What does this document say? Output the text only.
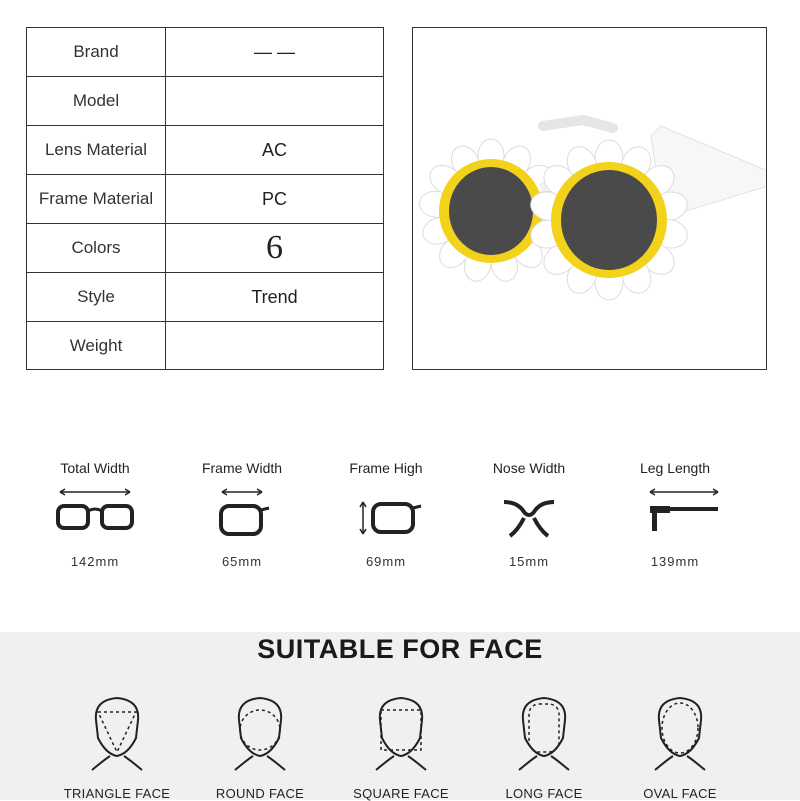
Brand	— —
Model
Lens Material	AC
Frame Material	PC
Colors	6
Style	Trend
Weight
Total Width
142mm
Frame Width
65mm
Frame High
69mm
Nose Width
15mm
Leg Length
139mm
SUITABLE FOR FACE
TRIANGLE FACE	ROUND FACE	SQUARE FACE	LONG FACE	OVAL FACE
